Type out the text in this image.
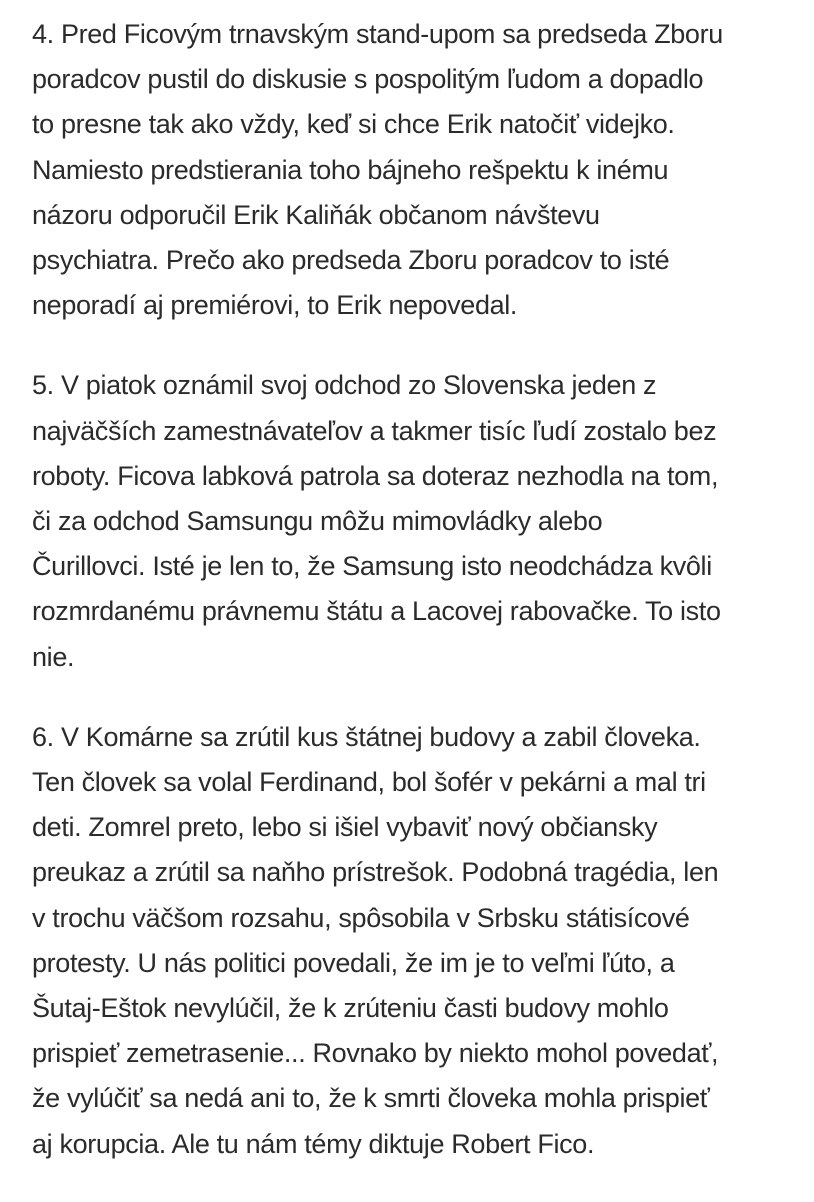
4. Pred Ficovým trnavským stand-upom sa predseda Zboru
poradcov pustil do diskusie s pospolitým ľudom a dopadlo
to presne tak ako vždy, keď si chce Erik natočiť videjko.
Namiesto predstierania toho bájneho rešpektu k inému
názoru odporučil Erik Kaliňák občanom návštevu
psychiatra. Prečo ako predseda Zboru poradcov to isté
neporadí aj premiérovi, to Erik nepovedal.
5. V piatok oznámil svoj odchod zo Slovenska jeden z
najväčších zamestnávateľov a takmer tisíc ľudí zostalo bez
roboty. Ficova labková patrola sa doteraz nezhodla na tom,
či za odchod Samsungu môžu mimovládky alebo
Čurillovci. Isté je len to, že Samsung isto neodchádza kvôli
rozmrdanému právnemu štátu a Lacovej rabovačke. To isto
nie.
6. V Komárne sa zrútil kus štátnej budovy a zabil človeka.
Ten človek sa volal Ferdinand, bol šofér v pekárni a mal tri
deti. Zomrel preto, lebo si išiel vybaviť nový občiansky
preukaz a zrútil sa naňho prístrešok. Podobná tragédia, len
v trochu väčšom rozsahu, spôsobila v Srbsku státisícové
protesty. U nás politici povedali, že im je to veľmi ľúto, a
Šutaj-Eštok nevylúčil, že k zrúteniu časti budovy mohlo
prispieť zemetrasenie... Rovnako by niekto mohol povedať,
že vylúčiť sa nedá ani to, že k smrti človeka mohla prispieť
aj korupcia. Ale tu nám témy diktuje Robert Fico.
